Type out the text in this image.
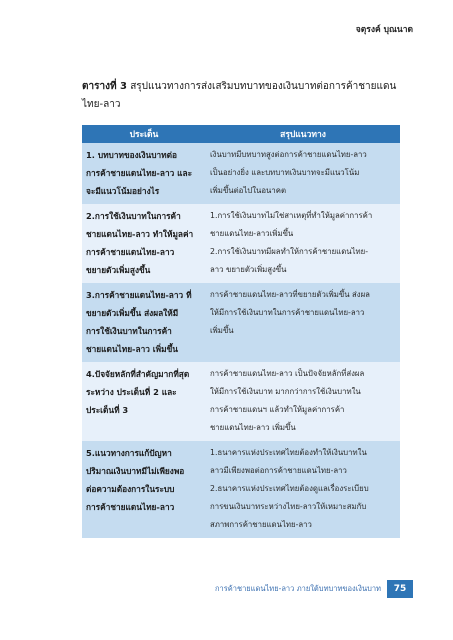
จตุรงค์ บุณนาด
ตารางที่ 3 สรุปแนวทางการส่งเสริมบทบาทของเงินบาทต่อการค้าชายแดน
ไทย-ลาว
ประเด็น	สรุปแนวทาง

1. บทบาทของเงินบาทต่อ
การค้าชายแดนไทย-ลาว และ
จะมีแนวโน้มอย่างไร	เงินบาทมีบทบาทสูงต่อการค้าชายแดนไทย-ลาว
เป็นอย่างยิ่ง และบทบาทเงินบาทจะมีแนวโน้ม
เพิ่มขึ้นต่อไปในอนาคต

2.การใช้เงินบาทในการค้า
ชายแดนไทย-ลาว ทำให้มูลค่า
การค้าชายแดนไทย-ลาว
ขยายตัวเพิ่มสูงขึ้น	1.การใช้เงินบาทไม่ใช่สาเหตุที่ทำให้มูลค่าการค้า
ชายแดนไทย-ลาวเพิ่มขึ้น
2.การใช้เงินบาทมีผลทำให้การค้าชายแดนไทย-
ลาว ขยายตัวเพิ่มสูงขึ้น

3.การค้าชายแดนไทย-ลาว ที่
ขยายตัวเพิ่มขึ้น ส่งผลให้มี
การใช้เงินบาทในการค้า
ชายแดนไทย-ลาว เพิ่มขึ้น	การค้าชายแดนไทย-ลาวที่ขยายตัวเพิ่มขึ้น ส่งผล
ให้มีการใช้เงินบาทในการค้าชายแดนไทย-ลาว
เพิ่มขึ้น

4.ปัจจัยหลักที่สำคัญมากที่สุด
ระหว่าง ประเด็นที่ 2 และ
ประเด็นที่ 3	การค้าชายแดนไทย-ลาว เป็นปัจจัยหลักที่ส่งผล
ให้มีการใช้เงินบาท มากกว่าการใช้เงินบาทใน
การค้าชายแดนฯ แล้วทำให้มูลค่าการค้า
ชายแดนไทย-ลาว เพิ่มขึ้น

5.แนวทางการแก้ปัญหา
ปริมาณเงินบาทมีไม่เพียงพอ
ต่อความต้องการในระบบ
การค้าชายแดนไทย-ลาว	1.ธนาคารแห่งประเทศไทยต้องทำให้เงินบาทใน
ลาวมีเพียงพอต่อการค้าชายแดนไทย-ลาว
2.ธนาคารแห่งประเทศไทยต้องดูแลเรื่องระเบียบ
การขนเงินบาทระหว่างไทย-ลาวให้เหมาะสมกับ
สภาพการค้าชายแดนไทย-ลาว
การค้าชายแดนไทย-ลาว ภายใต้บทบาทของเงินบาท	75
